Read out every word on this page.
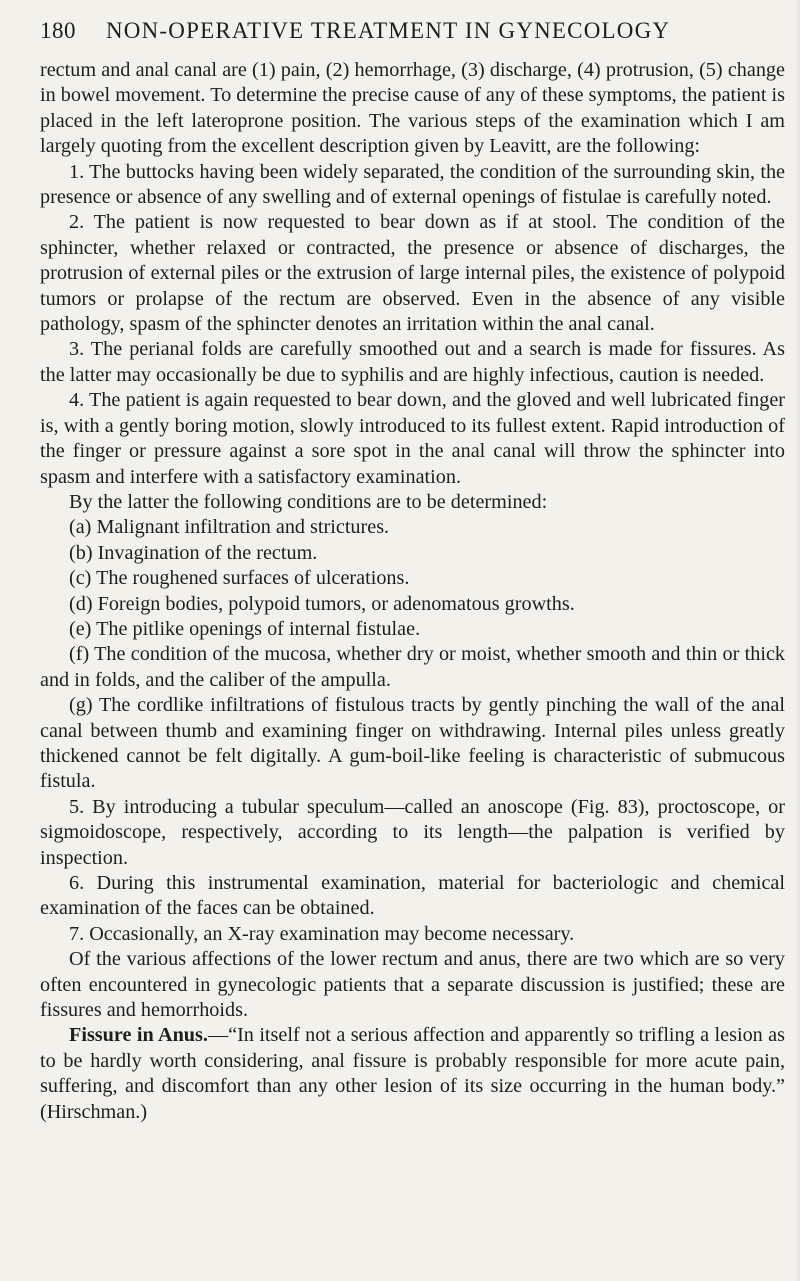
180 NON-OPERATIVE TREATMENT IN GYNECOLOGY

rectum and anal canal are (1) pain, (2) hemorrhage, (3) discharge, (4) protrusion, (5) change in bowel movement. To determine the precise cause of any of these symptoms, the patient is placed in the left lateroprone position. The various steps of the examination which I am largely quoting from the excellent description given by Leavitt, are the following:

1. The buttocks having been widely separated, the condition of the surrounding skin, the presence or absence of any swelling and of external openings of fistulae is carefully noted.

2. The patient is now requested to bear down as if at stool. The condition of the sphincter, whether relaxed or contracted, the presence or absence of discharges, the protrusion of external piles or the extrusion of large internal piles, the existence of polypoid tumors or prolapse of the rectum are observed. Even in the absence of any visible pathology, spasm of the sphincter denotes an irritation within the anal canal.

3. The perianal folds are carefully smoothed out and a search is made for fissures. As the latter may occasionally be due to syphilis and are highly infectious, caution is needed.

4. The patient is again requested to bear down, and the gloved and well lubricated finger is, with a gently boring motion, slowly introduced to its fullest extent. Rapid introduction of the finger or pressure against a sore spot in the anal canal will throw the sphincter into spasm and interfere with a satisfactory examination.

By the latter the following conditions are to be determined:

(a) Malignant infiltration and strictures.

(b) Invagination of the rectum.

(c) The roughened surfaces of ulcerations.

(d) Foreign bodies, polypoid tumors, or adenomatous growths.

(e) The pitlike openings of internal fistulae.

(f) The condition of the mucosa, whether dry or moist, whether smooth and thin or thick and in folds, and the caliber of the ampulla.

(g) The cordlike infiltrations of fistulous tracts by gently pinching the wall of the anal canal between thumb and examining finger on withdrawing. Internal piles unless greatly thickened cannot be felt digitally. A gum-boil-like feeling is characteristic of submucous fistula.

5. By introducing a tubular speculum—called an anoscope (Fig. 83), proctoscope, or sigmoidoscope, respectively, according to its length—the palpation is verified by inspection.

6. During this instrumental examination, material for bacteriologic and chemical examination of the faces can be obtained.

7. Occasionally, an X-ray examination may become necessary.

Of the various affections of the lower rectum and anus, there are two which are so very often encountered in gynecologic patients that a separate discussion is justified; these are fissures and hemorrhoids.

Fissure in Anus.—“In itself not a serious affection and apparently so trifling a lesion as to be hardly worth considering, anal fissure is probably responsible for more acute pain, suffering, and discomfort than any other lesion of its size occurring in the human body.” (Hirschman.)
